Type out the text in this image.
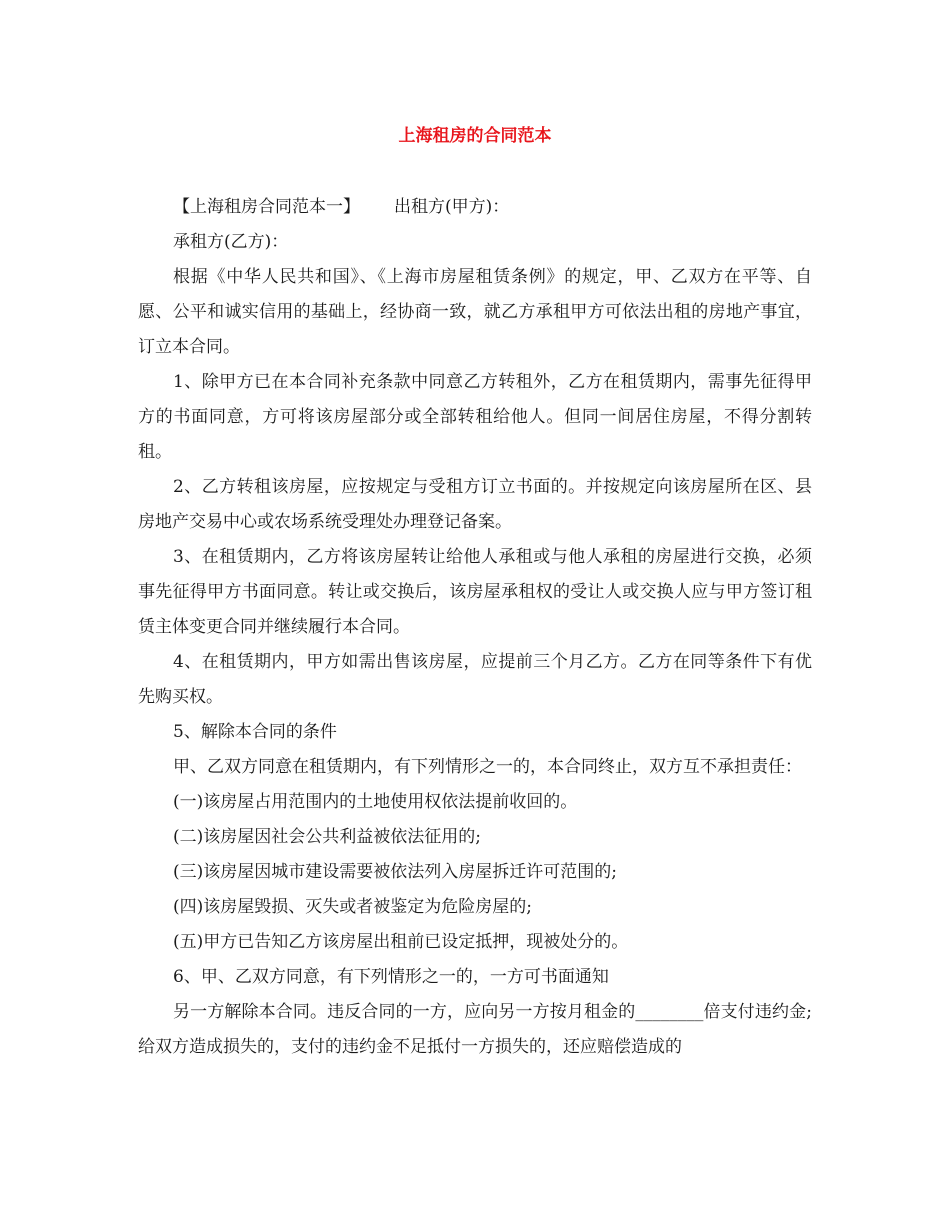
上海租房的合同范本

【上海租房合同范本一】 出租方(甲方)：

承租方(乙方)：

根据《中华人民共和国》、《上海市房屋租赁条例》的规定，甲、乙双方在平等、自愿、公平和诚实信用的基础上，经协商一致，就乙方承租甲方可依法出租的房地产事宜，订立本合同。

1、除甲方已在本合同补充条款中同意乙方转租外，乙方在租赁期内，需事先征得甲方的书面同意，方可将该房屋部分或全部转租给他人。但同一间居住房屋，不得分割转租。

2、乙方转租该房屋，应按规定与受租方订立书面的。并按规定向该房屋所在区、县房地产交易中心或农场系统受理处办理登记备案。

3、在租赁期内，乙方将该房屋转让给他人承租或与他人承租的房屋进行交换，必须事先征得甲方书面同意。转让或交换后，该房屋承租权的受让人或交换人应与甲方签订租赁主体变更合同并继续履行本合同。

4、在租赁期内，甲方如需出售该房屋，应提前三个月乙方。乙方在同等条件下有优先购买权。

5、解除本合同的条件

甲、乙双方同意在租赁期内，有下列情形之一的，本合同终止，双方互不承担责任：

(一)该房屋占用范围内的土地使用权依法提前收回的。

(二)该房屋因社会公共利益被依法征用的;

(三)该房屋因城市建设需要被依法列入房屋拆迁许可范围的;

(四)该房屋毁损、灭失或者被鉴定为危险房屋的;

(五)甲方已告知乙方该房屋出租前已设定抵押，现被处分的。

6、甲、乙双方同意，有下列情形之一的，一方可书面通知

另一方解除本合同。违反合同的一方，应向另一方按月租金的________倍支付违约金;给双方造成损失的，支付的违约金不足抵付一方损失的，还应赔偿造成的
